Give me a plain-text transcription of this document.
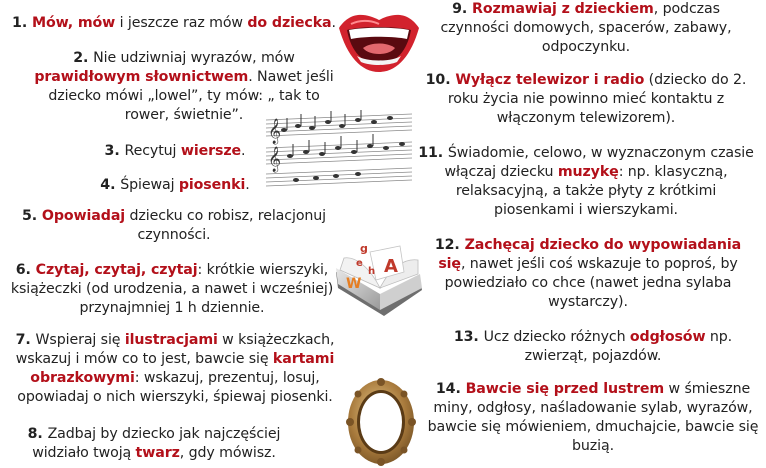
1. Mów, mów i jeszcze raz mów do dziecka.
2. Nie udziwniaj wyrazów, mów prawidłowym słownictwem. Nawet jeśli dziecko mówi „lowel”, ty mów: „ tak to rower, świetnie”.
3. Recytuj wiersze.
4. Śpiewaj piosenki.
5. Opowiadaj dziecku co robisz, relacjonuj czynności.
6. Czytaj, czytaj, czytaj: krótkie wierszyki, książeczki (od urodzenia, a nawet i wcześniej) przynajmniej 1 h dziennie.
7. Wspieraj się ilustracjami w książeczkach, wskazuj i mów co to jest, bawcie się kartami obrazkowymi: wskazuj, prezentuj, losuj, opowiadaj o nich wierszyki, śpiewaj piosenki.
8. Zadbaj by dziecko jak najczęściej widziało twoją twarz, gdy mówisz.
9. Rozmawiaj z dzieckiem, podczas czynności domowych, spacerów, zabawy, odpoczynku.
10. Wyłącz telewizor i radio (dziecko do 2. roku życia nie powinno mieć kontaktu z włączonym telewizorem).
11. Świadomie, celowo, w wyznaczonym czasie włączaj dziecku muzykę: np. klasyczną, relaksacyjną, a także płyty z krótkimi piosenkami i wierszykami.
12. Zachęcaj dziecko do wypowiadania się, nawet jeśli coś wskazuje to poproś, by powiedziało co chce (nawet jedna sylaba wystarczy).
13. Ucz dziecko różnych odgłosów np. zwierząt, pojazdów.
14. Bawcie się przed lustrem w śmieszne miny, odgłosy, naśladowanie sylab, wyrazów, bawcie się mówieniem, dmuchajcie, bawcie się buzią.
𝄞
𝄞
g
h
e A
W
